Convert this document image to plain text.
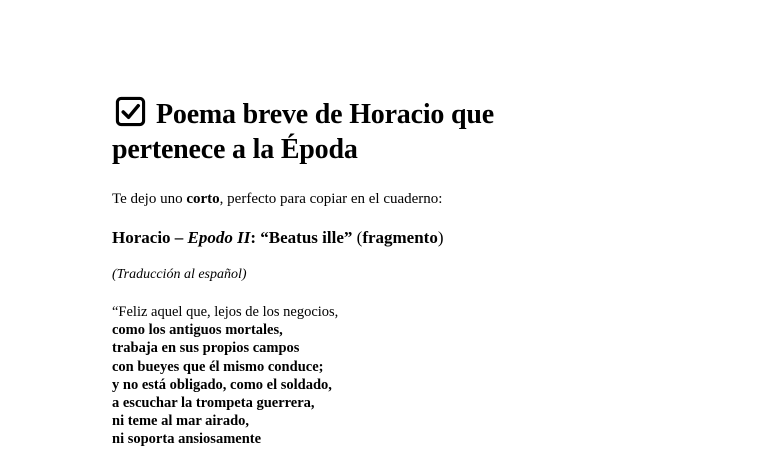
Poema breve de Horacio que
pertenece a la Époda
Te dejo uno corto, perfecto para copiar en el cuaderno:
Horacio – Epodo II: “Beatus ille” (fragmento)
(Traducción al español)
“Feliz aquel que, lejos de los negocios,
como los antiguos mortales,
trabaja en sus propios campos
con bueyes que él mismo conduce;
y no está obligado, como el soldado,
a escuchar la trompeta guerrera,
ni teme al mar airado,
ni soporta ansiosamente
